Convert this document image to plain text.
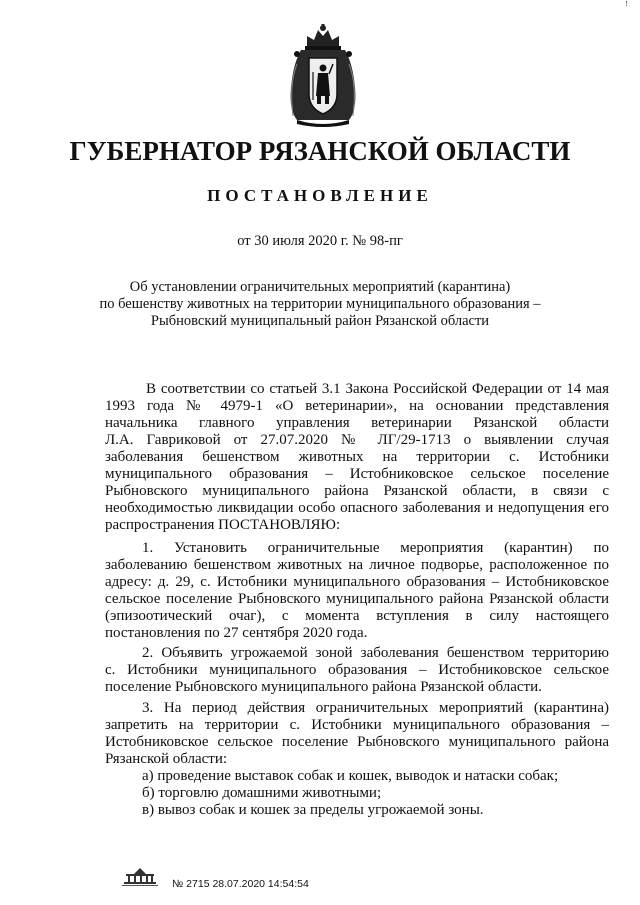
ꜝ
ГУБЕРНАТОР РЯЗАНСКОЙ ОБЛАСТИ
ПОСТАНОВЛЕНИЕ
от 30 июля 2020 г. № 98-пг
Об установлении ограничительных мероприятий (карантина)
по бешенству животных на территории муниципального образования –
Рыбновский муниципальный район Рязанской области
В соответствии со статьей 3.1 Закона Российской Федерации от 14 мая
1993 года № 4979-1 «О ветеринарии», на основании представления
начальника главного управления ветеринарии Рязанской области
Л.А. Гавриковой от 27.07.2020 № ЛГ/29-1713 о выявлении случая
заболевания бешенством животных на территории с. Истобники
муниципального образования – Истобниковское сельское поселение
Рыбновского муниципального района Рязанской области, в связи с
необходимостью ликвидации особо опасного заболевания и недопущения его
распространения ПОСТАНОВЛЯЮ:
1. Установить ограничительные мероприятия (карантин) по
заболеванию бешенством животных на личное подворье, расположенное по
адресу: д. 29, с. Истобники муниципального образования – Истобниковское
сельское поселение Рыбновского муниципального района Рязанской области
(эпизоотический очаг), с момента вступления в силу настоящего
постановления по 27 сентября 2020 года.
2. Объявить угрожаемой зоной заболевания бешенством территорию
с. Истобники муниципального образования – Истобниковское сельское
поселение Рыбновского муниципального района Рязанской области.
3. На период действия ограничительных мероприятий (карантина)
запретить на территории с. Истобники муниципального образования –
Истобниковское сельское поселение Рыбновского муниципального района
Рязанской области:
а) проведение выставок собак и кошек, выводок и натаски собак;
б) торговлю домашними животными;
в) вывоз собак и кошек за пределы угрожаемой зоны.
№ 2715 28.07.2020 14:54:54
